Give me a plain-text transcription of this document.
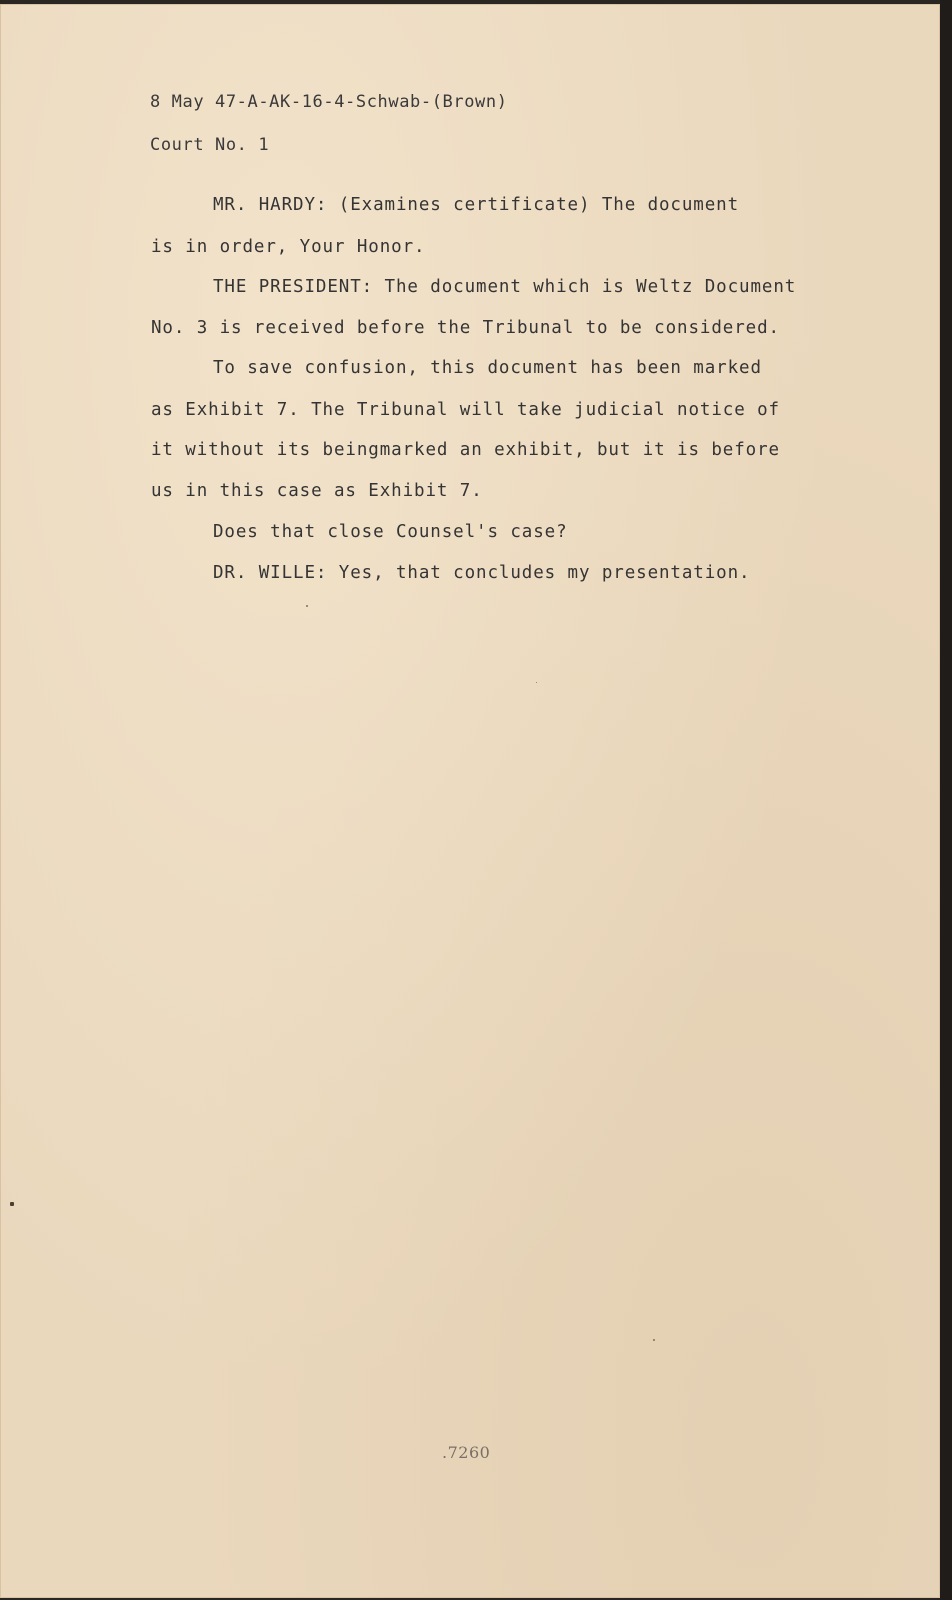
8 May 47-A-AK-16-4-Schwab-(Brown)
Court No. 1
MR. HARDY: (Examines certificate) The document
is in order, Your Honor.
THE PRESIDENT: The document which is Weltz Document
No. 3 is received before the Tribunal to be considered.
To save confusion, this document has been marked
as Exhibit 7. The Tribunal will take judicial notice of
it without its beingmarked an exhibit, but it is before
us in this case as Exhibit 7.
Does that close Counsel's case?
DR. WILLE: Yes, that concludes my presentation.
.7260
